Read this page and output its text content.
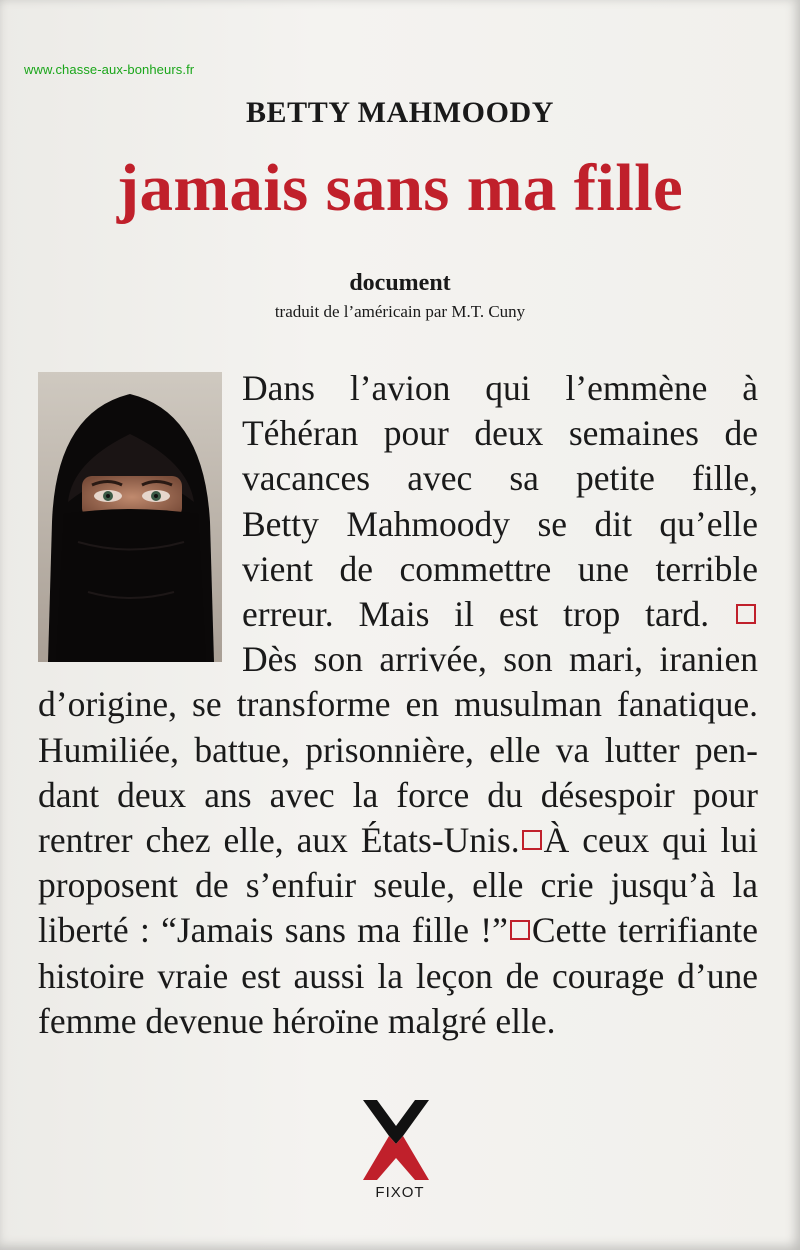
www.chasse-aux-bonheurs.fr
BETTY MAHMOODY
jamais sans ma fille
document
traduit de l’américain par M.T. Cuny
Dans l’avion qui l’emmène à
Téhéran pour deux semaines de
vacances avec sa petite fille,
Betty Mahmoody se dit qu’elle
vient de commettre une terrible
erreur. Mais il est trop tard.
Dès son arrivée, son mari, iranien
d’origine, se transforme en musulman fanatique.
Humiliée, battue, prisonnière, elle va lutter pen-
dant deux ans avec la force du désespoir pour
rentrer chez elle, aux États-Unis. À ceux qui lui
proposent de s’enfuir seule, elle crie jusqu’à la
liberté : “Jamais sans ma fille !” Cette terrifiante
histoire vraie est aussi la leçon de courage d’une
femme devenue héroïne malgré elle.
FIXOT
